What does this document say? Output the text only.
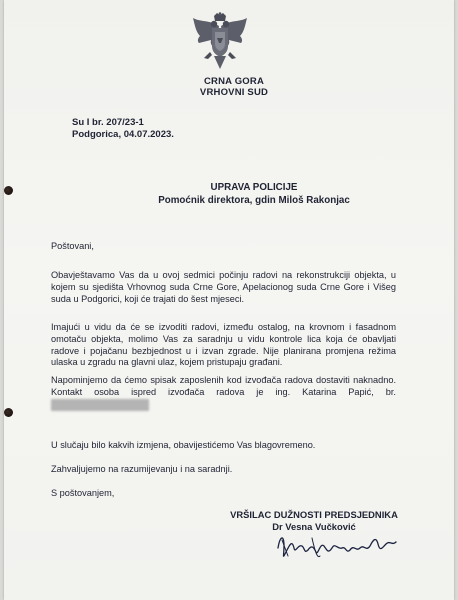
CRNA GORA
VRHOVNI SUD
Su I br. 207/23-1
Podgorica, 04.07.2023.
UPRAVA POLICIJE
Pomoćnik direktora, gdin Miloš Rakonjac
Poštovani,
Obavještavamo Vas da u ovoj sedmici počinju radovi na rekonstrukciji objekta, u kojem su sjedišta Vrhovnog suda Crne Gore, Apelacionog suda Crne Gore i Višeg suda u Podgorici, koji će trajati do šest mjeseci.
Imajući u vidu da će se izvoditi radovi, između ostalog, na krovnom i fasadnom omotaču objekta, molimo Vas za saradnju u vidu kontrole lica koja će obavljati radove i pojačanu bezbjednost u i izvan zgrade. Nije planirana promjena režima ulaska u zgradu na glavni ulaz, kojem pristupaju građani.
Napominjemo da ćemo spisak zaposlenih kod izvođača radova dostaviti naknadno. Kontakt osoba ispred izvođača radova je ing. Katarina Papić, br.
U slučaju bilo kakvih izmjena, obavijestićemo Vas blagovremeno.
Zahvaljujemo na razumijevanju i na saradnji.
S poštovanjem,
VRŠILAC DUŽNOSTI PREDSJEDNIKA
Dr Vesna Vučković
